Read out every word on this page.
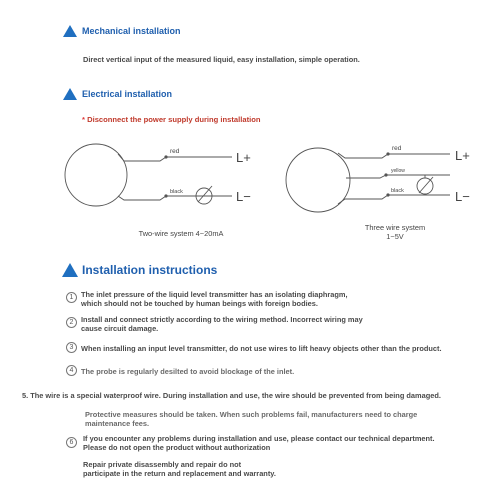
Mechanical installation
Direct vertical input of the measured liquid, easy installation, simple operation.
Electrical installation
* Disconnect the power supply during installation
red
black
L+
L−
red
yellow
black
L+
L−
Two-wire system 4~20mA
Three wire system
1~5V
Installation instructions
1	The inlet pressure of the liquid level transmitter has an isolating diaphragm,
which should not be touched by human beings with foreign bodies.
2	Install and connect strictly according to the wiring method. Incorrect wiring may
cause circuit damage.
3	When installing an input level transmitter, do not use wires to lift heavy objects other than the product.
4	The probe is regularly desilted to avoid blockage of the inlet.
5. The wire is a special waterproof wire. During installation and use, the wire should be prevented from being damaged.
Protective measures should be taken. When such problems fail, manufacturers need to charge
maintenance fees.
6	If you encounter any problems during installation and use, please contact our technical department.
Please do not open the product without authorization
Repair private disassembly and repair do not
participate in the return and replacement and warranty.
